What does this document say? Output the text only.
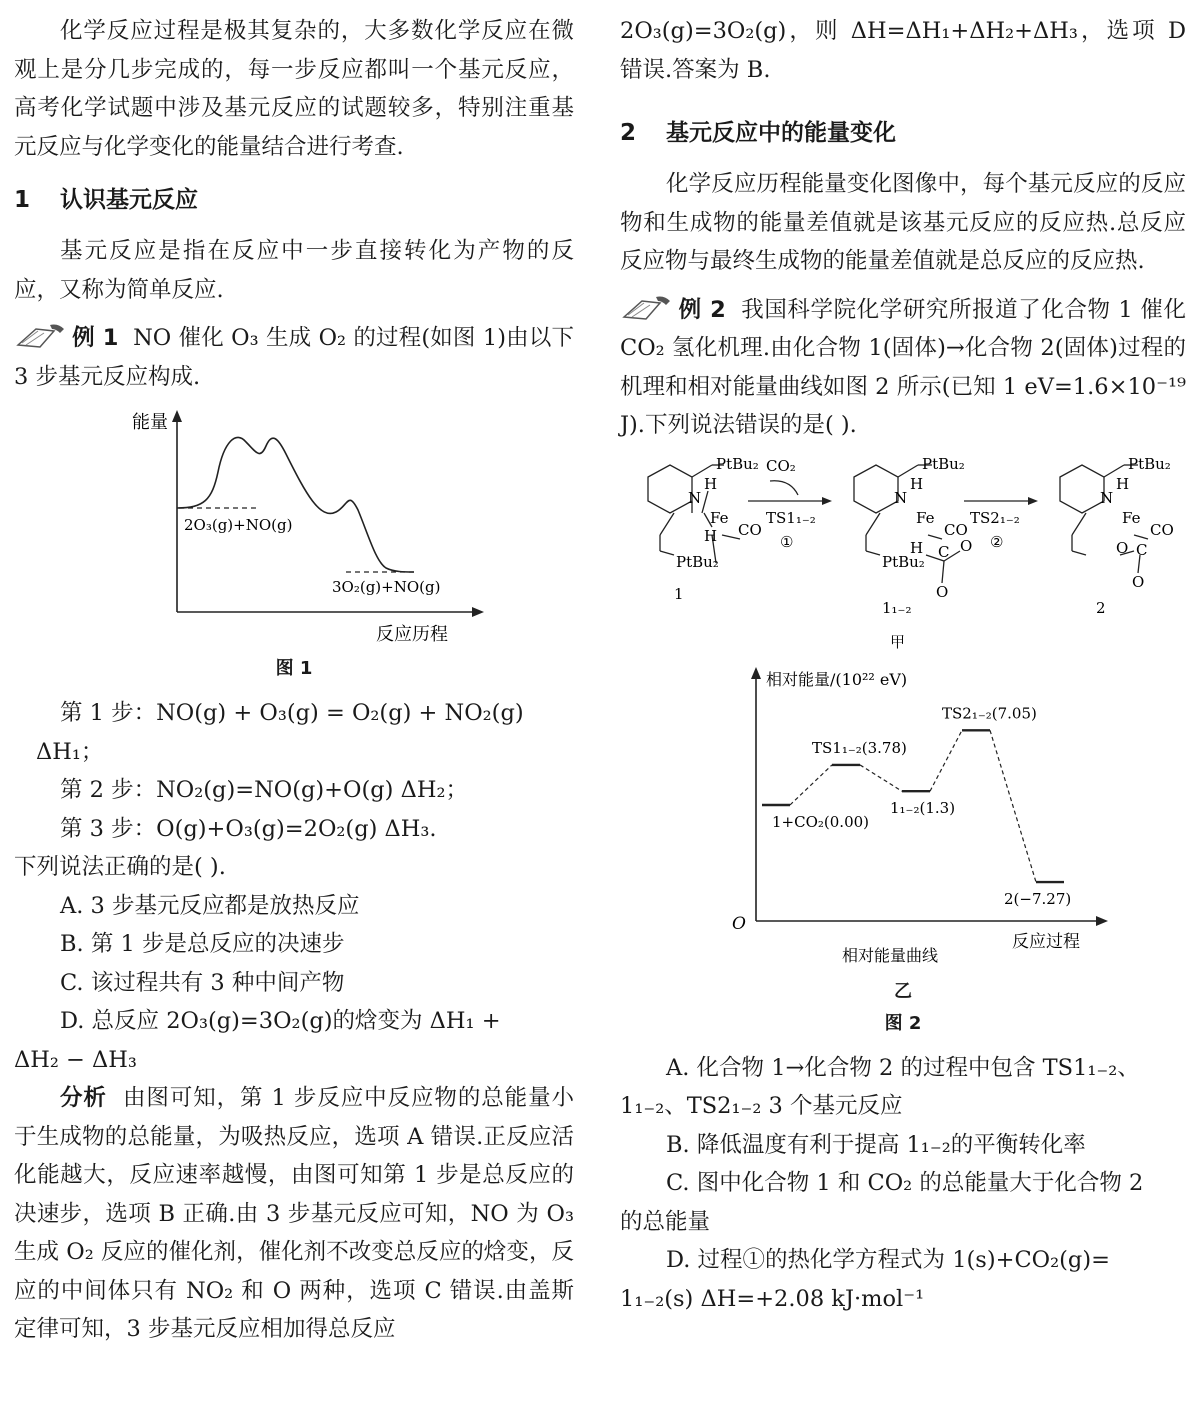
化学反应过程是极其复杂的，大多数化学反应在微观上是分几步完成的，每一步反应都叫一个基元反应，高考化学试题中涉及基元反应的试题较多，特别注重基元反应与化学变化的能量结合进行考查.

1 认识基元反应

基元反应是指在反应中一步直接转化为产物的反应，又称为简单反应.

例 1 NO 催化 O₃ 生成 O₂ 的过程(如图 1)由以下 3 步基元反应构成.

能量
2O₃(g)+NO(g)
3O₂(g)+NO(g)
反应历程
图 1

第 1 步：NO(g) + O₃(g) = O₂(g) + NO₂(g)

ΔH₁；

第 2 步：NO₂(g)=NO(g)+O(g) ΔH₂；

第 3 步：O(g)+O₃(g)=2O₂(g) ΔH₃.

下列说法正确的是( ).

A. 3 步基元反应都是放热反应

B. 第 1 步是总反应的决速步

C. 该过程共有 3 种中间产物

D. 总反应 2O₃(g)=3O₂(g)的焓变为 ΔH₁ +

ΔH₂ − ΔH₃

分析 由图可知，第 1 步反应中反应物的总能量小于生成物的总能量，为吸热反应，选项 A 错误.正反应活化能越大，反应速率越慢，由图可知第 1 步是总反应的决速步，选项 B 正确.由 3 步基元反应可知，NO 为 O₃ 生成 O₂ 反应的催化剂，催化剂不改变总反应的焓变，反应的中间体只有 NO₂ 和 O 两种，选项 C 错误.由盖斯定律可知，3 步基元反应相加得总反应

2O₃(g)=3O₂(g)，则 ΔH=ΔH₁+ΔH₂+ΔH₃，选项 D 错误.答案为 B.

2 基元反应中的能量变化

化学反应历程能量变化图像中，每个基元反应的反应物和生成物的能量差值就是该基元反应的反应热.总反应反应物与最终生成物的能量差值就是总反应的反应热.

例 2 我国科学院化学研究所报道了化合物 1 催化 CO₂ 氢化机理.由化合物 1(固体)→化合物 2(固体)过程的机理和相对能量曲线如图 2 所示(已知 1 eV=1.6×10⁻¹⁹ J).下列说法错误的是( ).

PtBu₂
N
H
Fe
CO
H
PtBu₂
1
CO₂
TS1₁₋₂
①
PtBu₂
N
H
Fe
CO
H C O
O
PtBu₂
1₁₋₂
甲
TS2₁₋₂
②
PtBu₂
N
H
Fe
CO
O C
O
2
相对能量/(10²² eV)
O
反应过程
相对能量曲线
1+CO₂(0.00)
TS1₁₋₂(3.78)
1₁₋₂(1.3)
TS2₁₋₂(7.05)
2(−7.27)
乙
图 2

A. 化合物 1→化合物 2 的过程中包含 TS1₁₋₂、

1₁₋₂、TS2₁₋₂ 3 个基元反应

B. 降低温度有利于提高 1₁₋₂的平衡转化率

C. 图中化合物 1 和 CO₂ 的总能量大于化合物 2

的总能量

D. 过程①的热化学方程式为 1(s)+CO₂(g)=

1₁₋₂(s) ΔH=+2.08 kJ·mol⁻¹
